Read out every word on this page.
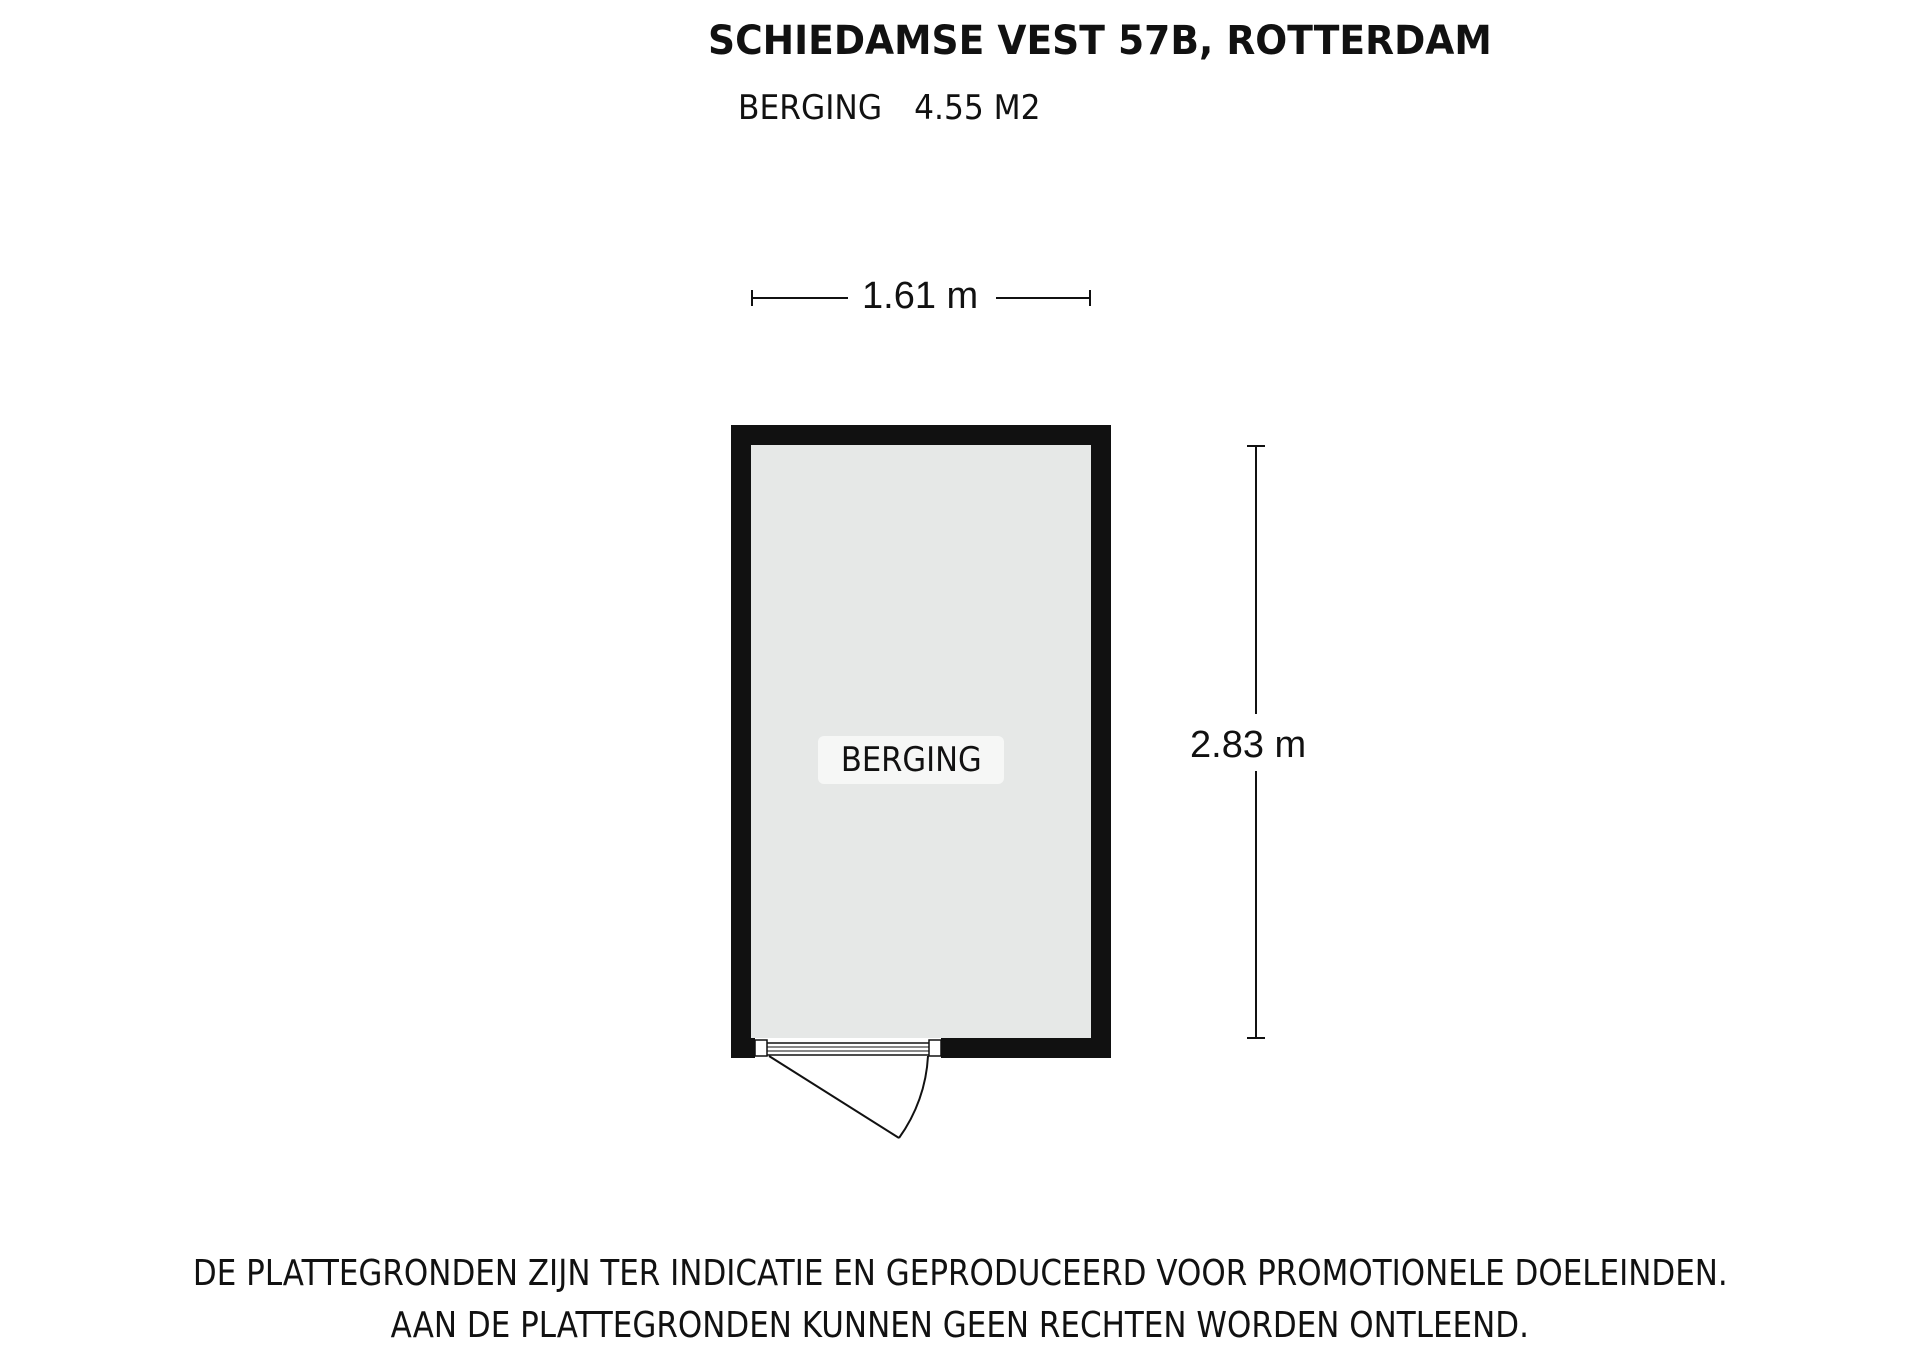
SCHIEDAMSE VEST 57B, ROTTERDAM
BERGING 4.55 M2
BERGING
1.61 m
2.83 m
DE PLATTEGRONDEN ZIJN TER INDICATIE EN GEPRODUCEERD VOOR PROMOTIONELE DOELEINDEN.
AAN DE PLATTEGRONDEN KUNNEN GEEN RECHTEN WORDEN ONTLEEND.
